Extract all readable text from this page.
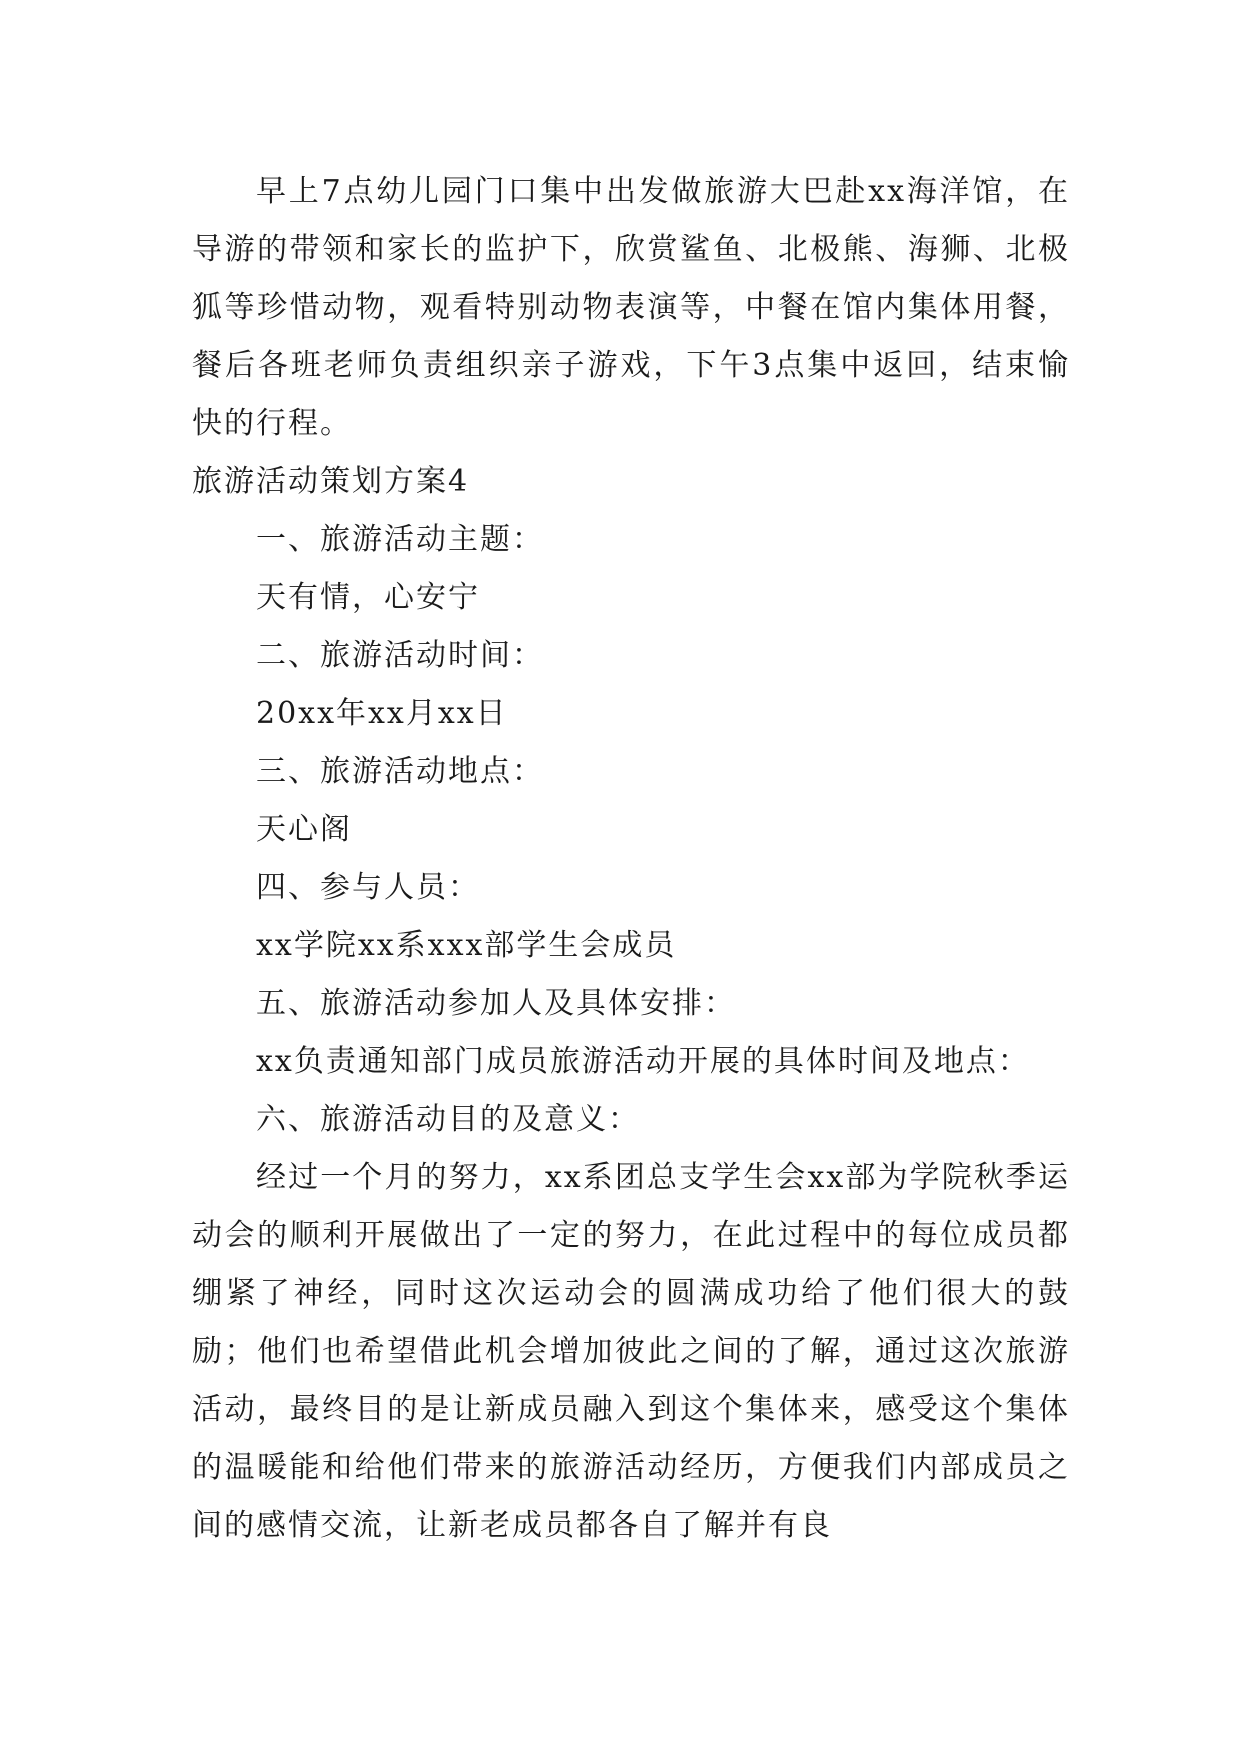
早上7点幼儿园门口集中出发做旅游大巴赴xx海洋馆，在导游的带领和家长的监护下，欣赏鲨鱼、北极熊、海狮、北极狐等珍惜动物，观看特别动物表演等，中餐在馆内集体用餐，餐后各班老师负责组织亲子游戏，下午3点集中返回，结束愉快的行程。

旅游活动策划方案4

一、旅游活动主题：

天有情，心安宁

二、旅游活动时间：

20xx年xx月xx日

三、旅游活动地点：

天心阁

四、参与人员：

xx学院xx系xxx部学生会成员

五、旅游活动参加人及具体安排：

xx负责通知部门成员旅游活动开展的具体时间及地点：

六、旅游活动目的及意义：

经过一个月的努力，xx系团总支学生会xx部为学院秋季运动会的顺利开展做出了一定的努力，在此过程中的每位成员都绷紧了神经，同时这次运动会的圆满成功给了他们很大的鼓励；他们也希望借此机会增加彼此之间的了解，通过这次旅游活动，最终目的是让新成员融入到这个集体来，感受这个集体的温暖能和给他们带来的旅游活动经历，方便我们内部成员之间的感情交流，让新老成员都各自了解并有良
